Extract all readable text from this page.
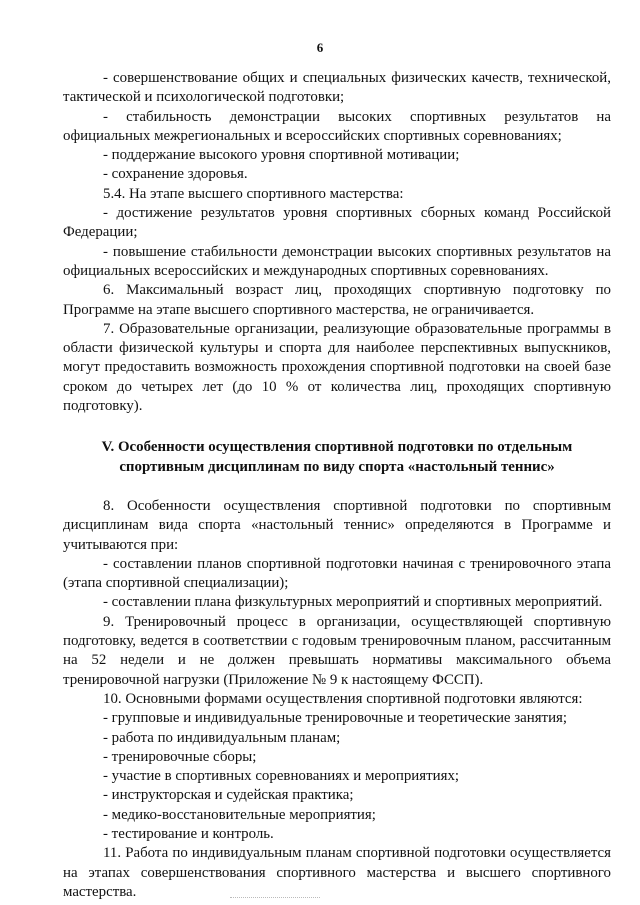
6

- совершенствование общих и специальных физических качеств, технической, тактической и психологической подготовки;

- стабильность демонстрации высоких спортивных результатов на официальных межрегиональных и всероссийских спортивных соревнованиях;

- поддержание высокого уровня спортивной мотивации;

- сохранение здоровья.

5.4. На этапе высшего спортивного мастерства:

- достижение результатов уровня спортивных сборных команд Российской Федерации;

- повышение стабильности демонстрации высоких спортивных результатов на официальных всероссийских и международных спортивных соревнованиях.

6. Максимальный возраст лиц, проходящих спортивную подготовку по Программе на этапе высшего спортивного мастерства, не ограничивается.

7. Образовательные организации, реализующие образовательные программы в области физической культуры и спорта для наиболее перспективных выпускников, могут предоставить возможность прохождения спортивной подготовки на своей базе сроком до четырех лет (до 10 % от количества лиц, проходящих спортивную подготовку).

V. Особенности осуществления спортивной подготовки по отдельным
спортивным дисциплинам по виду спорта «настольный теннис»

8. Особенности осуществления спортивной подготовки по спортивным дисциплинам вида спорта «настольный теннис» определяются в Программе и учитываются при:

- составлении планов спортивной подготовки начиная с тренировочного этапа (этапа спортивной специализации);

- составлении плана физкультурных мероприятий и спортивных мероприятий.

9. Тренировочный процесс в организации, осуществляющей спортивную подготовку, ведется в соответствии с годовым тренировочным планом, рассчитанным на 52 недели и не должен превышать нормативы максимального объема тренировочной нагрузки (Приложение № 9 к настоящему ФССП).

10. Основными формами осуществления спортивной подготовки являются:

- групповые и индивидуальные тренировочные и теоретические занятия;

- работа по индивидуальным планам;

- тренировочные сборы;

- участие в спортивных соревнованиях и мероприятиях;

- инструкторская и судейская практика;

- медико-восстановительные мероприятия;

- тестирование и контроль.

11. Работа по индивидуальным планам спортивной подготовки осуществляется на этапах совершенствования спортивного мастерства и высшего спортивного мастерства.
